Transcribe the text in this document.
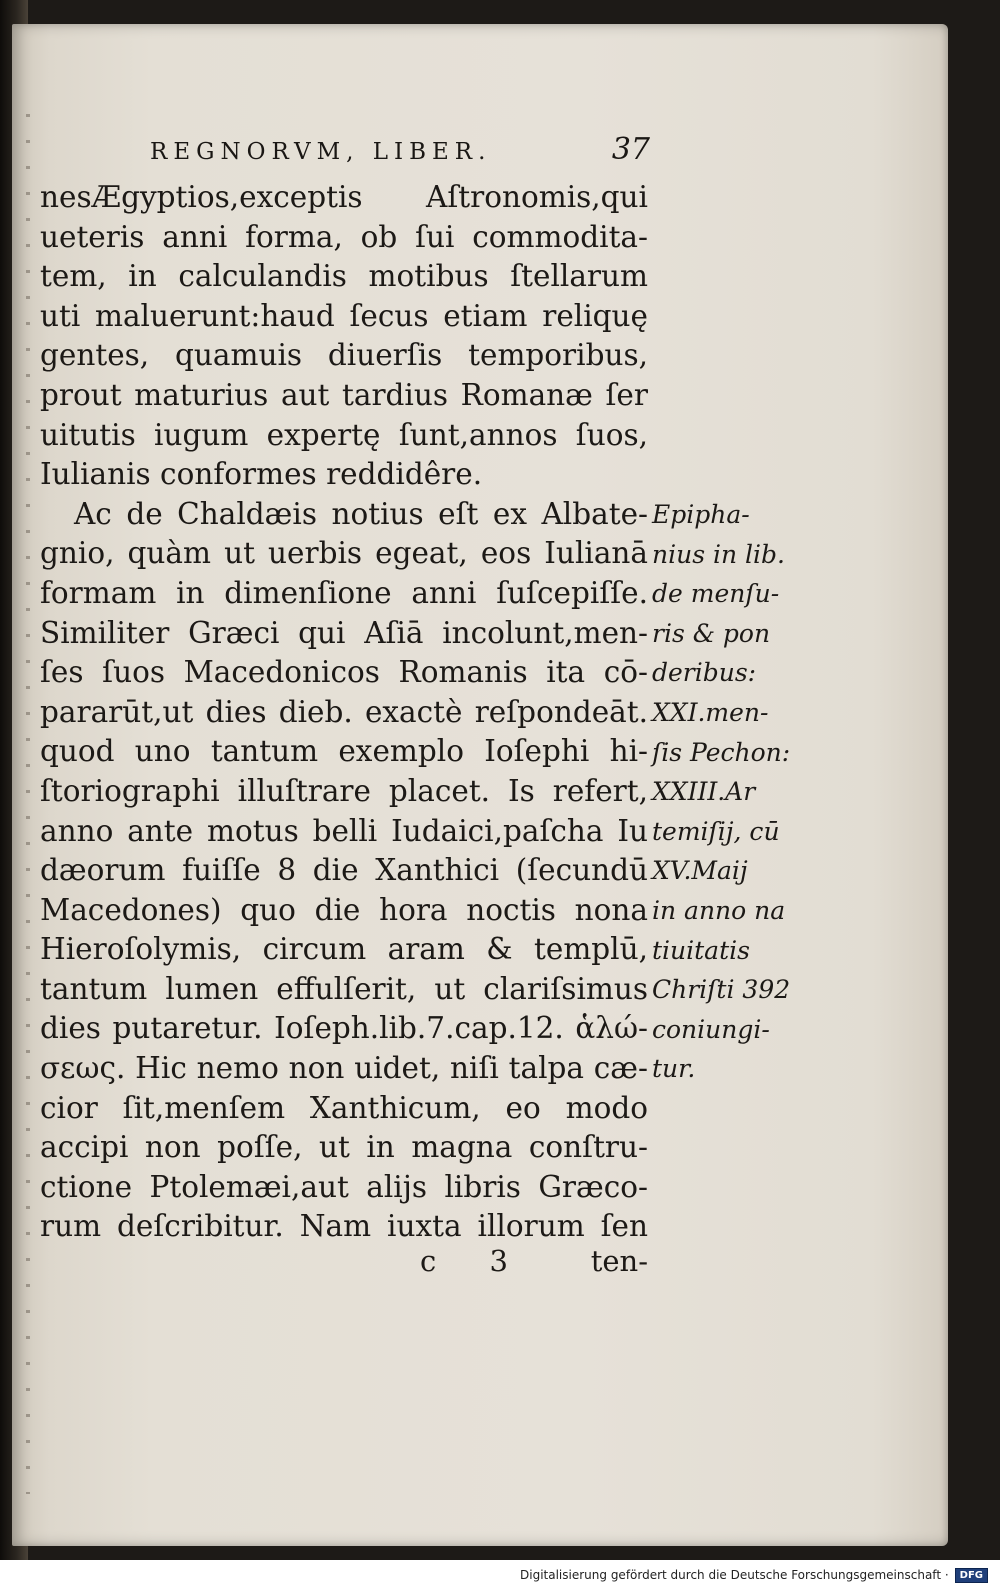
REGNORVM, LIBER.	37
nesÆgyptios,exceptis Aſtronomis,qui
ueteris anni forma, ob ſui commodita-
tem, in calculandis motibus ſtellarum
uti maluerunt:haud ſecus etiam reliquę
gentes, quamuis diuerſis temporibus,
prout maturius aut tardius Romanæ ſer
uitutis iugum expertę ſunt,annos ſuos,
Iulianis conformes reddidêre.
Ac de Chaldæis notius eſt ex Albate-
gnio, quàm ut uerbis egeat, eos Iulianā
formam in dimenſione anni ſuſcepiſſe.
Similiter Græci qui Aſiā incolunt,men-
ſes ſuos Macedonicos Romanis ita cō-
pararūt,ut dies dieb. exactè reſpondeāt.
quod uno tantum exemplo Ioſephi hi-
ſtoriographi illuſtrare placet. Is refert,
anno ante motus belli Iudaici,paſcha Iu
dæorum fuiſſe 8 die Xanthici (ſecundū
Macedones) quo die hora noctis nona
Hieroſolymis, circum aram & templū,
tantum lumen effulſerit, ut clariſsimus
dies putaretur. Ioſeph.lib.7.cap.12. ἁλώ-
σεως. Hic nemo non uidet, niſi talpa cæ-
cior ſit,menſem Xanthicum, eo modo
accipi non poſſe, ut in magna conſtru-
ctione Ptolemæi,aut alijs libris Græco-
rum deſcribitur. Nam iuxta illorum ſen
Epipha-
nius in lib.
de menſu-
ris & pon
deribus:
XXI.men-
ſis Pechon:
XXIII.Ar
temiſij, cū
XV.Maij
in anno na
tiuitatis
Chriſti 392
coniungi-
tur.
c 3 ten-
Digitalisierung gefördert durch die Deutsche Forschungsgemeinschaft ·	DFG
